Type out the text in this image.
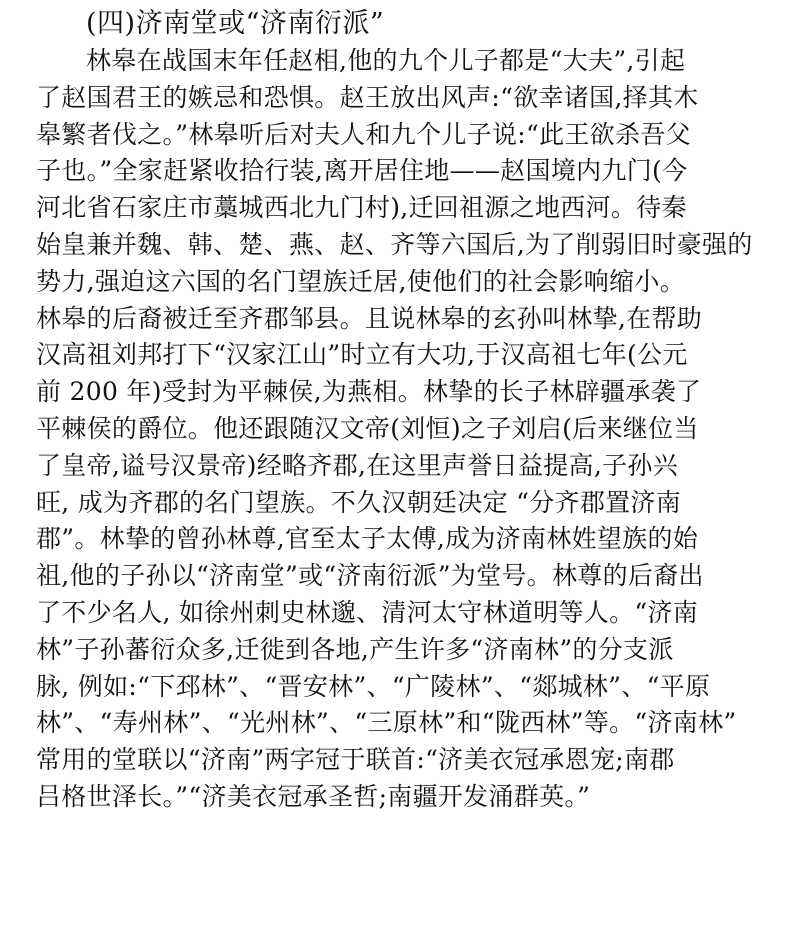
(四)济南堂或“济南衍派”
林皋在战国末年任赵相,他的九个儿子都是“大夫”,引起
了赵国君王的嫉忌和恐惧。赵王放出风声:“欲幸诸国,择其木
皋繁者伐之。”林皋听后对夫人和九个儿子说:“此王欲杀吾父
子也。”全家赶紧收拾行装,离开居住地——赵国境内九门(今
河北省石家庄市藁城西北九门村),迁回祖源之地西河。待秦
始皇兼并魏、韩、楚、燕、赵、齐等六国后,为了削弱旧时豪强的
势力,强迫这六国的名门望族迁居,使他们的社会影响缩小。
林皋的后裔被迁至齐郡邹县。且说林皋的玄孙叫林挚,在帮助
汉高祖刘邦打下“汉家江山”时立有大功,于汉高祖七年(公元
前 200 年)受封为平棘侯,为燕相。林挚的长子林辟疆承袭了
平棘侯的爵位。他还跟随汉文帝(刘恒)之子刘启(后来继位当
了皇帝,谥号汉景帝)经略齐郡,在这里声誉日益提高,子孙兴
旺, 成为齐郡的名门望族。不久汉朝廷决定 “分齐郡置济南
郡”。林挚的曾孙林尊,官至太子太傅,成为济南林姓望族的始
祖,他的子孙以“济南堂”或“济南衍派”为堂号。林尊的后裔出
了不少名人, 如徐州刺史林邈、清河太守林道明等人。“济南
林”子孙蕃衍众多,迁徙到各地,产生许多“济南林”的分支派
脉, 例如:“下邳林”、“晋安林”、“广陵林”、“郯城林”、“平原
林”、“寿州林”、“光州林”、“三原林”和“陇西林”等。“济南林”
常用的堂联以“济南”两字冠于联首:“济美衣冠承恩宠;南郡
吕格世泽长。”“济美衣冠承圣哲;南疆开发涌群英。”
